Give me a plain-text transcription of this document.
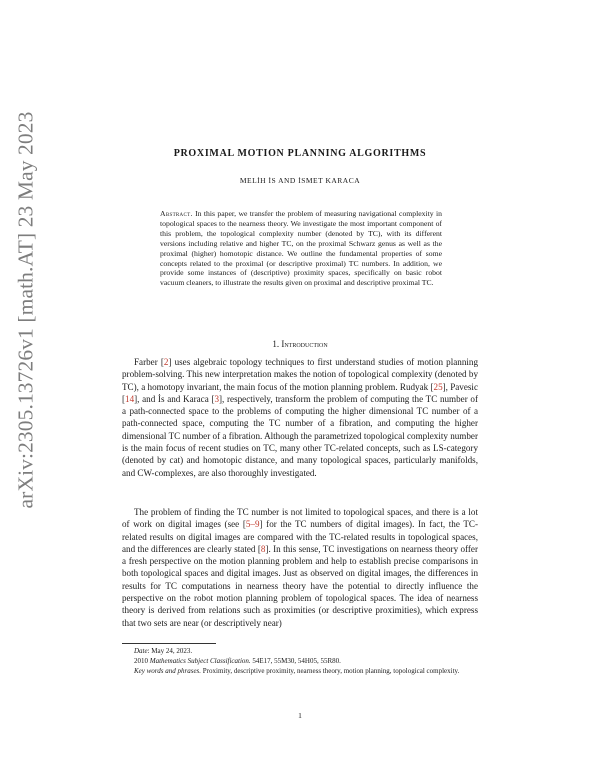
arXiv:2305.13726v1 [math.AT] 23 May 2023	PROXIMAL MOTION PLANNING ALGORITHMS
MELİH İS AND İSMET KARACA
Abstract. In this paper, we transfer the problem of measuring navigational complexity in topological spaces to the nearness theory. We investigate the most important component of this problem, the topological complexity number (denoted by TC), with its different versions including relative and higher TC, on the proximal Schwarz genus as well as the proximal (higher) homotopic distance. We outline the fundamental properties of some concepts related to the proximal (or descriptive proximal) TC numbers. In addition, we provide some instances of (descriptive) proximity spaces, specifically on basic robot vacuum cleaners, to illustrate the results given on proximal and descriptive proximal TC.
1. Introduction
Farber [2] uses algebraic topology techniques to first understand studies of motion planning problem-solving. This new interpretation makes the notion of topological complexity (denoted by TC), a homotopy invariant, the main focus of the motion planning problem. Rudyak [25], Pavesic [14], and İs and Karaca [3], respectively, transform the problem of computing the TC number of a path-connected space to the problems of computing the higher dimensional TC number of a path-connected space, computing the TC number of a fibration, and computing the higher dimensional TC number of a fibration. Although the parametrized topological complexity number is the main focus of recent studies on TC, many other TC-related concepts, such as LS-category (denoted by cat) and homotopic distance, and many topological spaces, particularly manifolds, and CW-complexes, are also thoroughly investigated.
The problem of finding the TC number is not limited to topological spaces, and there is a lot of work on digital images (see [5–9] for the TC numbers of digital images). In fact, the TC-related results on digital images are compared with the TC-related results in topological spaces, and the differences are clearly stated [8]. In this sense, TC investigations on nearness theory offer a fresh perspective on the motion planning problem and help to establish precise comparisons in both topological spaces and digital images. Just as observed on digital images, the differences in results for TC computations in nearness theory have the potential to directly influence the perspective on the robot motion planning problem of topological spaces. The idea of nearness theory is derived from relations such as proximities (or descriptive proximities), which express that two sets are near (or descriptively near)
Date: May 24, 2023.
2010 Mathematics Subject Classification. 54E17, 55M30, 54H05, 55R80.
Key words and phrases. Proximity, descriptive proximity, nearness theory, motion planning, topological complexity.
1
